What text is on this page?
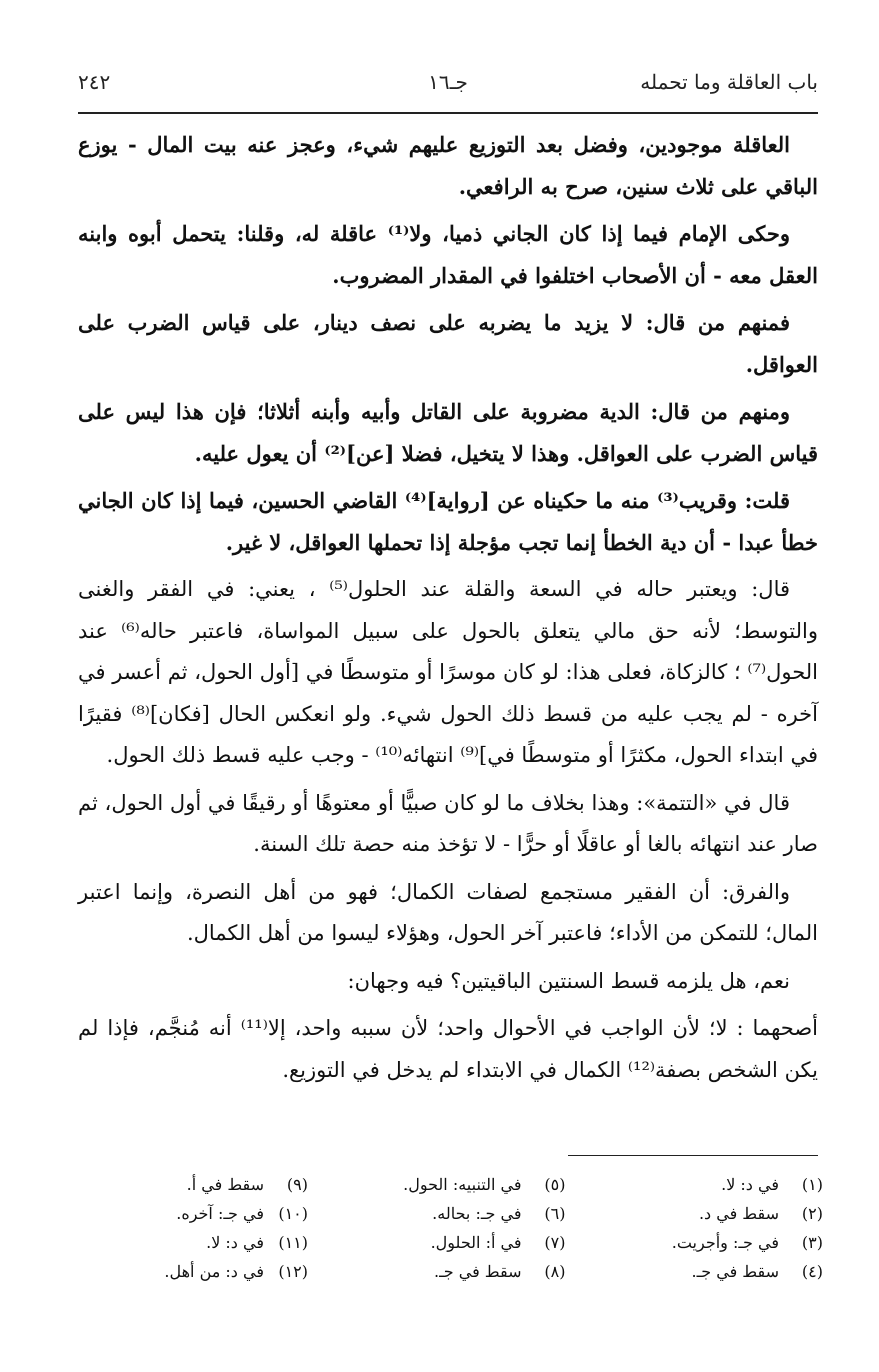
باب العاقلة وما تحمله
جـ١٦
٢٤٢

العاقلة موجودين، وفضل بعد التوزيع عليهم شيء، وعجز عنه بيت المال - يوزع الباقي على ثلاث سنين، صرح به الرافعي.

وحكى الإمام فيما إذا كان الجاني ذميا، ولا⁽¹⁾ عاقلة له، وقلنا: يتحمل أبوه وابنه العقل معه - أن الأصحاب اختلفوا في المقدار المضروب.

فمنهم من قال: لا يزيد ما يضربه على نصف دينار، على قياس الضرب على العواقل.

ومنهم من قال: الدية مضروبة على القاتل وأبيه وأبنه أثلاثا؛ فإن هذا ليس على قياس الضرب على العواقل. وهذا لا يتخيل، فضلا [عن]⁽²⁾ أن يعول عليه.

قلت: وقريب⁽³⁾ منه ما حكيناه عن [رواية]⁽⁴⁾ القاضي الحسين، فيما إذا كان الجاني خطأ عبدا - أن دية الخطأ إنما تجب مؤجلة إذا تحملها العواقل، لا غير.

قال: ويعتبر حاله في السعة والقلة عند الحلول⁽⁵⁾ ، يعني: في الفقر والغنى والتوسط؛ لأنه حق مالي يتعلق بالحول على سبيل المواساة، فاعتبر حاله⁽⁶⁾ عند الحول⁽⁷⁾ ؛ كالزكاة، فعلى هذا: لو كان موسرًا أو متوسطًا في [أول الحول، ثم أعسر في آخره - لم يجب عليه من قسط ذلك الحول شيء. ولو انعكس الحال [فكان]⁽⁸⁾ فقيرًا في ابتداء الحول، مكثرًا أو متوسطًا في]⁽⁹⁾ انتهائه⁽¹⁰⁾ - وجب عليه قسط ذلك الحول.

قال في «التتمة»: وهذا بخلاف ما لو كان صبيًّا أو معتوهًا أو رقيقًا في أول الحول، ثم صار عند انتهائه بالغا أو عاقلًا أو حرًّا - لا تؤخذ منه حصة تلك السنة.

والفرق: أن الفقير مستجمع لصفات الكمال؛ فهو من أهل النصرة، وإنما اعتبر المال؛ للتمكن من الأداء؛ فاعتبر آخر الحول، وهؤلاء ليسوا من أهل الكمال.

نعم، هل يلزمه قسط السنتين الباقيتين؟ فيه وجهان:

أصحهما : لا؛ لأن الواجب في الأحوال واحد؛ لأن سببه واحد، إلا⁽¹¹⁾ أنه مُنجَّم، فإذا لم يكن الشخص بصفة⁽¹²⁾ الكمال في الابتداء لم يدخل في التوزيع.

(١)في د: لا.
(٢)سقط في د.
(٣)في جـ: وأجريت.
(٤)سقط في جـ.
(٥)في التنبيه: الحول.
(٦)في جـ: بحاله.
(٧)في أ: الحلول.
(٨)سقط في جـ.
(٩)سقط في أ.
(١٠)في جـ: آخره.
(١١)في د: لا.
(١٢)في د: من أهل.
